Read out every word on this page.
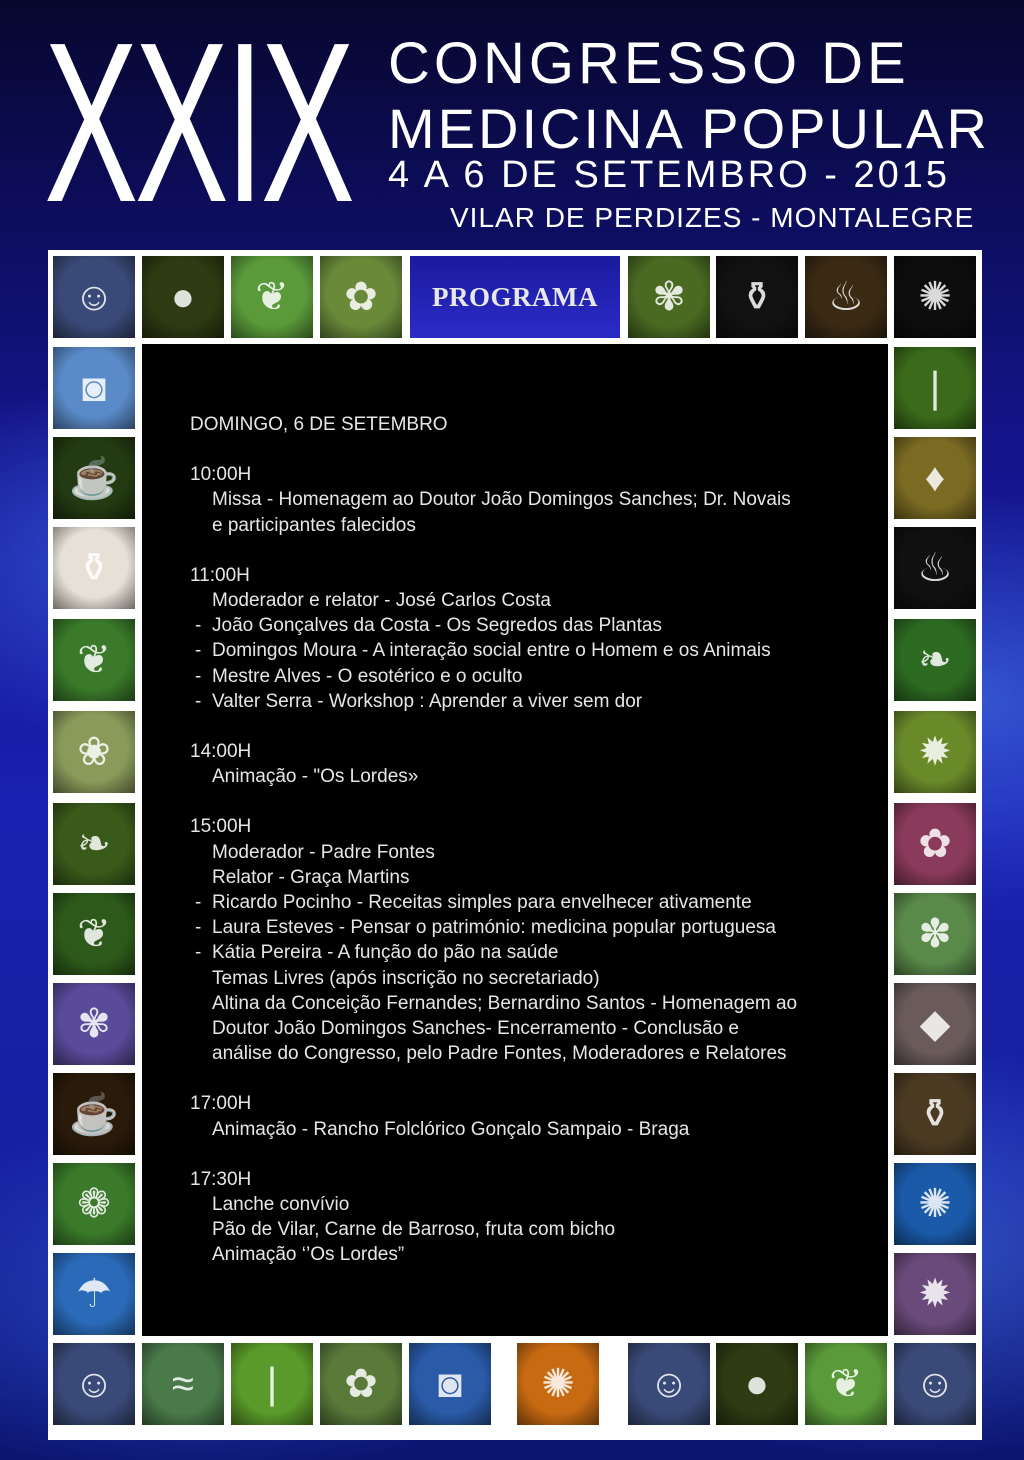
XXIX CONGRESSO DE
MEDICINA POPULAR
4 A 6 DE SETEMBRO - 2015
VILAR DE PERDIZES - MONTALEGRE
☺	●	❦	✿	✾	⚱	♨	✺
◙	❘
☕	♦
⚱	♨
❦	❧
❀	✹
❧	✿
❦	✽
✾	◆
☕	⚱
❁	✺
☂	✹
≈	❘	✿	◙	✺	☺	●	❦
☺	☺
PROGRAMA
DOMINGO, 6 DE SETEMBRO
10:00H
Missa - Homenagem ao Doutor João Domingos Sanches; Dr. Novais
e participantes falecidos
11:00H
Moderador e relator - José Carlos Costa
- João Gonçalves da Costa - Os Segredos das Plantas
- Domingos Moura - A interação social entre o Homem e os Animais
- Mestre Alves - O esotérico e o oculto
- Valter Serra - Workshop : Aprender a viver sem dor
14:00H
Animação - "Os Lordes»
15:00H
Moderador - Padre Fontes
Relator - Graça Martins
- Ricardo Pocinho - Receitas simples para envelhecer ativamente
- Laura Esteves - Pensar o património: medicina popular portuguesa
- Kátia Pereira - A função do pão na saúde
Temas Livres (após inscrição no secretariado)
Altina da Conceição Fernandes; Bernardino Santos - Homenagem ao
Doutor João Domingos Sanches- Encerramento - Conclusão e
análise do Congresso, pelo Padre Fontes, Moderadores e Relatores
17:00H
Animação - Rancho Folclórico Gonçalo Sampaio - Braga
17:30H
Lanche convívio
Pão de Vilar, Carne de Barroso, fruta com bicho
Animação ‘’Os Lordes”
